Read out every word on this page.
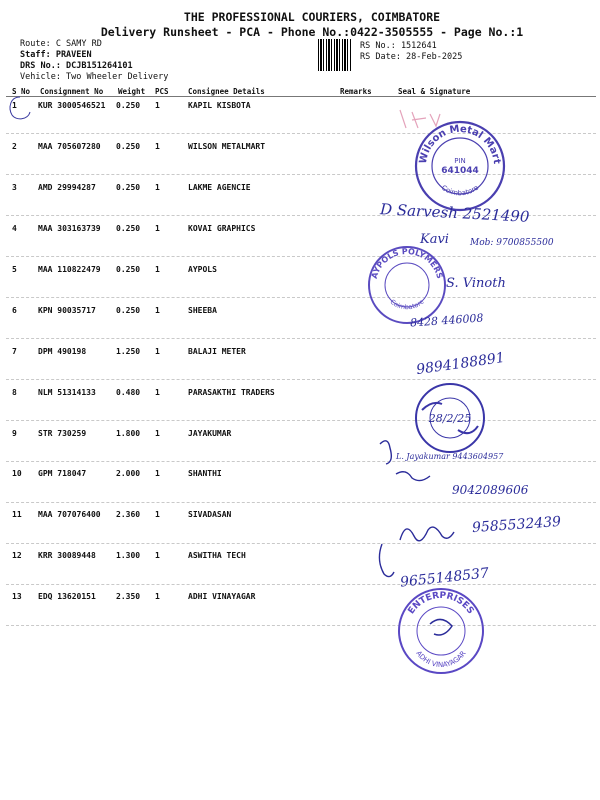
THE PROFESSIONAL COURIERS, COIMBATORE
Delivery Runsheet - PCA - Phone No.:0422-3505555 - Page No.:1
Route: C SAMY RD
Staff: PRAVEEN
DRS No.: DCJB151264101
Vehicle: Two Wheeler Delivery
RS No.: 1512641
RS Date: 28-Feb-2025
S No Consignment No Weight PCS	Consignee Details	Remarks	Seal & Signature
1	KUR 3000546521 0.250 1	KAPIL KISBOTA
2	MAA 705607280 0.250 1	WILSON METALMART
3	AMD 29994287	0.250 1	LAKME AGENCIE
4	MAA 303163739 0.250 1	KOVAI GRAPHICS
5	MAA 110822479 0.250 1	AYPOLS
6	KPN 90035717	0.250 1	SHEEBA
7	DPM 490198	1.250 1	BALAJI METER
8	NLM 51314133	0.480 1	PARASAKTHI TRADERS
9	STR 730259	1.800 1	JAYAKUMAR
10 GPM 718047	2.000 1	SHANTHI
11 MAA 707076400 2.360 1	SIVADASAN
12 KRR 30089448	1.300 1	ASWITHA TECH
13 EDQ 13620151	2.350 1	ADHI VINAYAGAR
Wilson Metal Mart
Coimbatore
PIN
641044
AYPOLS POLYMERS
Coimbatore
28/2/25
ENTERPRISES
ADHI VINAYAGAR
D Sarvesh 2521490
Kavi Mob: 9700855500
S. Vinoth
8428 446008
9894188891
L. Jayakumar 9443604957
9042089606
9585532439
9655148537
